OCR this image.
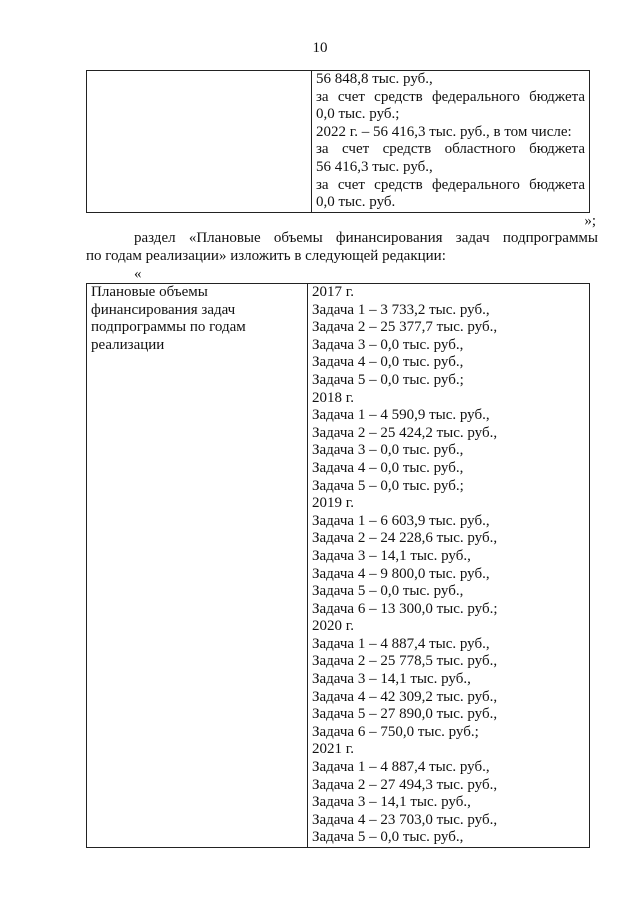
10

56 848,8 тыс. руб.,
за счет средств федерального бюджета
0,0 тыс. руб.;
2022 г. – 56 416,3 тыс. руб., в том числе:
за счет средств областного бюджета
56 416,3 тыс. руб.,
за счет средств федерального бюджета
0,0 тыс. руб.
»;
раздел «Плановые объемы финансирования задач подпрограммы
по годам реализации» изложить в следующей редакции:
«
Плановые объемы
финансирования задач
подпрограммы по годам
реализации

2017 г.
Задача 1 – 3 733,2 тыс. руб.,
Задача 2 – 25 377,7 тыс. руб.,
Задача 3 – 0,0 тыс. руб.,
Задача 4 – 0,0 тыс. руб.,
Задача 5 – 0,0 тыс. руб.;
2018 г.
Задача 1 – 4 590,9 тыс. руб.,
Задача 2 – 25 424,2 тыс. руб.,
Задача 3 – 0,0 тыс. руб.,
Задача 4 – 0,0 тыс. руб.,
Задача 5 – 0,0 тыс. руб.;
2019 г.
Задача 1 – 6 603,9 тыс. руб.,
Задача 2 – 24 228,6 тыс. руб.,
Задача 3 – 14,1 тыс. руб.,
Задача 4 – 9 800,0 тыс. руб.,
Задача 5 – 0,0 тыс. руб.,
Задача 6 – 13 300,0 тыс. руб.;
2020 г.
Задача 1 – 4 887,4 тыс. руб.,
Задача 2 – 25 778,5 тыс. руб.,
Задача 3 – 14,1 тыс. руб.,
Задача 4 – 42 309,2 тыс. руб.,
Задача 5 – 27 890,0 тыс. руб.,
Задача 6 – 750,0 тыс. руб.;
2021 г.
Задача 1 – 4 887,4 тыс. руб.,
Задача 2 – 27 494,3 тыс. руб.,
Задача 3 – 14,1 тыс. руб.,
Задача 4 – 23 703,0 тыс. руб.,
Задача 5 – 0,0 тыс. руб.,
